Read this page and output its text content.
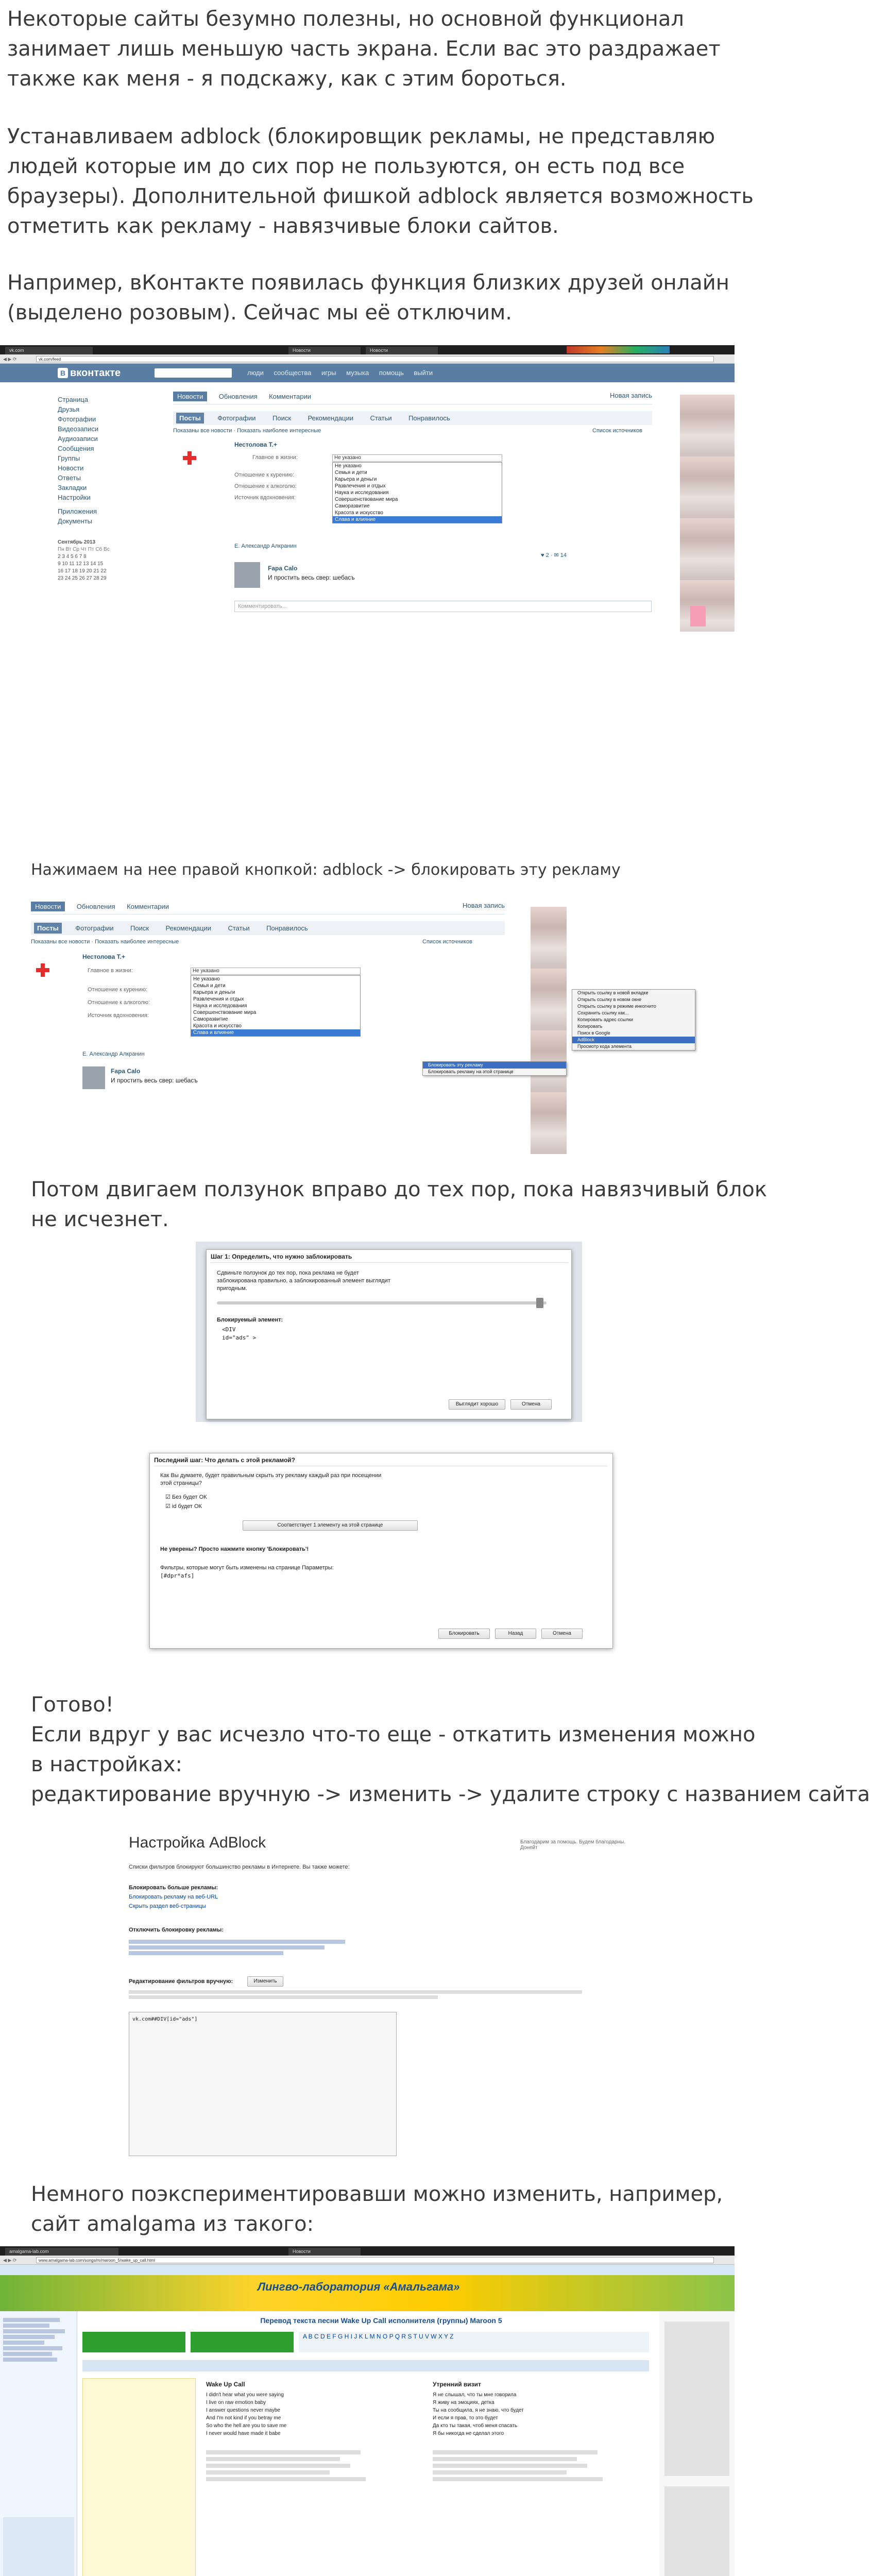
Некоторые сайты безумно полезны, но основной функционал
занимает лишь меньшую часть экрана. Если вас это раздражает
также как меня - я подскажу, как с этим бороться.
Устанавливаем adblock (блокировщик рекламы, не представляю
людей которые им до сих пор не пользуются, он есть под все
браузеры). Дополнительной фишкой adblock является возможность
отметить как рекламу - навязчивые блоки сайтов.
Например, вКонтакте появилась функция близких друзей онлайн
(выделено розовым). Сейчас мы её отключим.
vk.com	Новости	Новости
◀ ▶ ⟳	vk.com/feed
В вконтакте	люди сообщества игры музыка помощь выйти
Страница
Друзья
Фотографии
Видеозаписи
Аудиозаписи
Сообщения
Группы
Новости
Ответы
Закладки
Настройки
Приложения
Документы
Сентябрь 2013
Пн Вт Ср Чт Пт Сб Вс
2 3 4 5 6 7 8
9 10 11 12 13 14 15
16 17 18 19 20 21 22
23 24 25 26 27 28 29
Новости Обновления Комментарии	Новая запись
Посты Фотографии Поиск Рекомендации Статьи Понравилось
Показаны все новости · Показать наиболее интересные	Список источников
Нестолова Т.+
Главное в жизни:
Отношение к курению:
Отношение к алкоголю:
Источник вдохновения:
Не указано
Не указано
Семья и дети
Карьера и деньги
Развлечения и отдых
Наука и исследования
Совершенствование мира
Саморазвитие
Красота и искусство
Слава и влияние
Е. Александр Алкранин
♥ 2 · ✉ 14
Fapa Calo
И простить весь свер: шебасъ
Комментировать...
Нажимаем на нее правой кнопкой: adblock -> блокировать эту рекламу
Новости Обновления Комментарии	Новая запись
Посты Фотографии Поиск Рекомендации Статьи Понравилось
Показаны все новости · Показать наиболее интересные	Список источников
Нестолова Т.+
Главное в жизни:
Отношение к курению:
Отношение к алкоголю:
Источник вдохновения:
Не указано
Не указано
Семья и дети
Карьера и деньги
Развлечения и отдых
Наука и исследования
Совершенствование мира
Саморазвитие
Красота и искусство
Слава и влияние
Е. Александр Алкранин
Fapa Calo
И простить весь свер: шебасъ
Открыть ссылку в новой вкладке
Открыть ссылку в новом окне
Открыть ссылку в режиме инкогнито
Сохранить ссылку как...
Копировать адрес ссылки
Копировать
Поиск в Google
AdBlock
Просмотр кода элемента
Блокировать эту рекламу
Блокировать рекламу на этой странице
Потом двигаем ползунок вправо до тех пор, пока навязчивый блок
не исчезнет.
Шаг 1: Определить, что нужно заблокировать
Сдвиньте ползунок до тех пор, пока реклама не будет
заблокирована правильно, а заблокированный элемент выглядит
пригодным.
Блокируемый элемент:
<DIV
id="ads" >
Выглядит хорошо	Отмена
Последний шаг: Что делать с этой рекламой?
Как Вы думаете, будет правильным скрыть эту рекламу каждый раз при посещении
этой страницы?
☑ Без будет ОК
☑ id будет ОК
Соответствует 1 элементу на этой странице
Не уверены? Просто нажмите кнопку 'Блокировать'!
Фильтры, которые могут быть изменены на странице Параметры:
[#dpr*afs]
Блокировать	Назад	Отмена
Готово!
Если вдруг у вас исчезло что-то еще - откатить изменения можно
в настройках:
редактирование вручную -> изменить -> удалите строку с названием сайта
Настройка AdBlock	Благодарим за помощь. Будем благодарны. Донейт
Списки фильтров блокируют большинство рекламы в Интернете. Вы также можете:
Блокировать больше рекламы:
Блокировать рекламу на веб-URL
Скрыть раздел веб-страницы
Отключить блокировку рекламы:
Редактирование фильтров вручную:	Изменить
vk.com##DIV[id="ads"]
Немного поэкспериментировавши можно изменить, например,
сайт amalgama из такого:
amalgama-lab.com	Новости
◀ ▶ ⟳	www.amalgama-lab.com/songs/m/maroon_5/wake_up_call.html
Лингво-лаборатория «Амальгама»
Перевод текста песни Wake Up Call исполнителя (группы) Maroon 5
A B C D E F G H I J K L M N O P Q R S T U V W X Y Z
Wake Up Call
I didn't hear what you were saying
I live on raw emotion baby
I answer questions never maybe
And I'm not kind if you betray me
So who the hell are you to save me
I never would have made it babe
Утренний визит
Я не слышал, что ты мне говорила
Я живу на эмоциях, детка
Ты на сообщила, я не знаю, что будет
И если я прав, то это будет
Да кто ты такая, чтоб меня спасать
Я бы никогда не сделал этого
